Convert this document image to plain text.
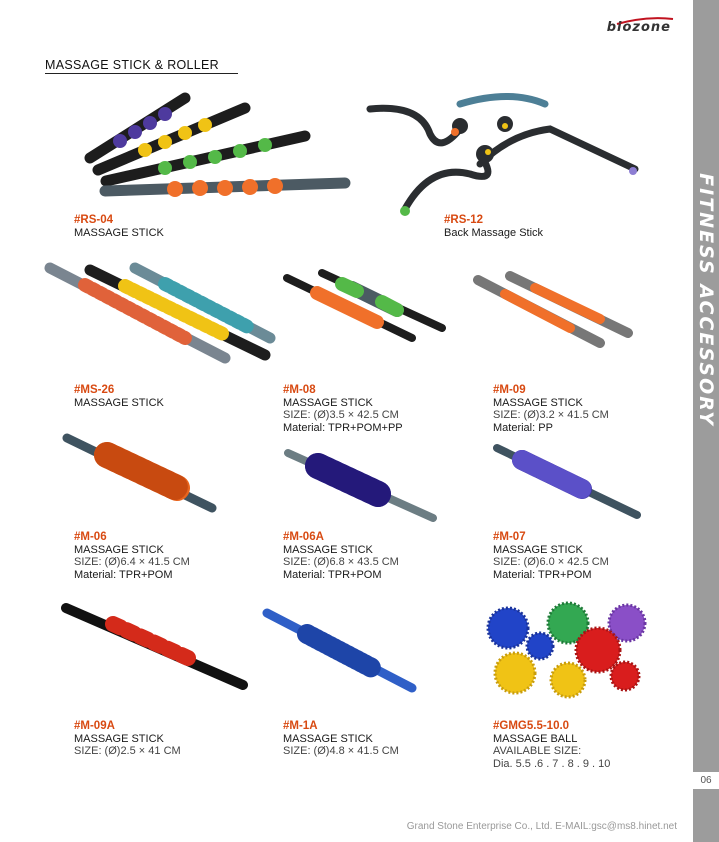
biozone
MASSAGE STICK & ROLLER
FITNESS ACCESSORY
06
#RS-04
MASSAGE STICK
#RS-12
Back Massage Stick
#MS-26
MASSAGE STICK
#M-08
MASSAGE STICK
SIZE: (Ø)3.5 × 42.5 CM
Material: TPR+POM+PP
#M-09
MASSAGE STICK
SIZE: (Ø)3.2 × 41.5 CM
Material: PP
#M-06
MASSAGE STICK
SIZE: (Ø)6.4 × 41.5 CM
Material: TPR+POM
#M-06A
MASSAGE STICK
SIZE: (Ø)6.8 × 43.5 CM
Material: TPR+POM
#M-07
MASSAGE STICK
SIZE: (Ø)6.0 × 42.5 CM
Material: TPR+POM
#M-09A
MASSAGE STICK
SIZE: (Ø)2.5 × 41 CM
#M-1A
MASSAGE STICK
SIZE: (Ø)4.8 × 41.5 CM
#GMG5.5-10.0
MASSAGE BALL
AVAILABLE SIZE:
Dia. 5.5 .6 . 7 . 8 . 9 . 10
Grand Stone Enterprise Co., Ltd. E-MAIL:gsc@ms8.hinet.net
